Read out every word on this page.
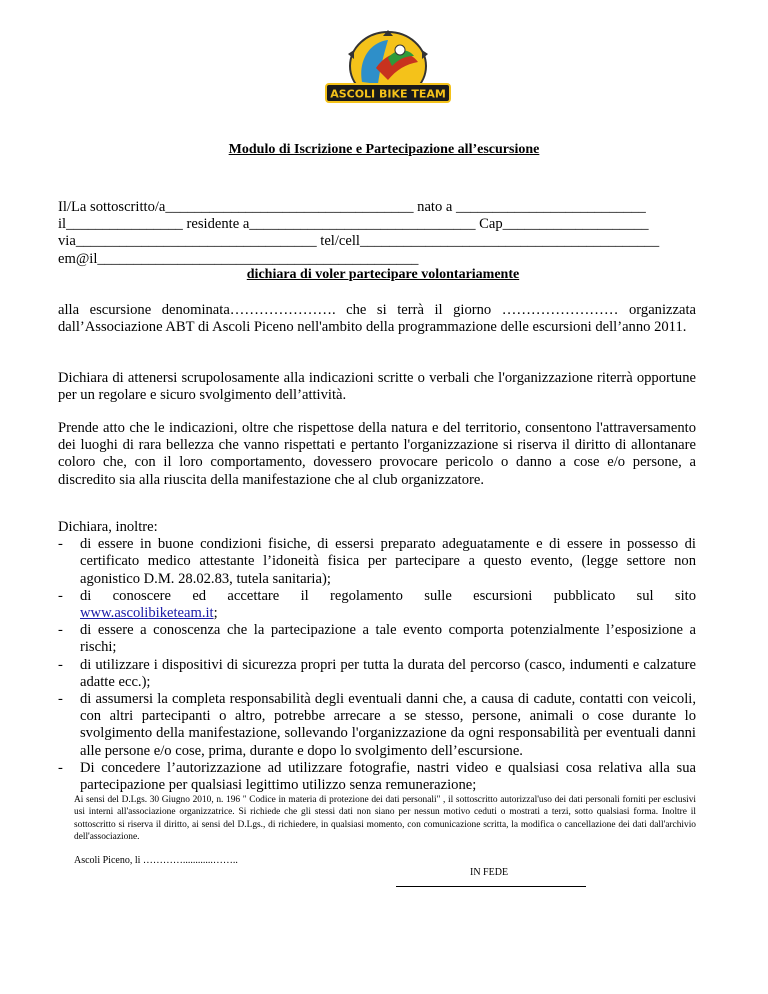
ASCOLI BIKE TEAM
Modulo di Iscrizione e Partecipazione all’escursione
Il/La sottoscritto/a__________________________________ nato a __________________________
il________________ residente a_______________________________ Cap____________________
via_________________________________ tel/cell_________________________________________
em@il____________________________________________
dichiara di voler partecipare volontariamente

alla escursione denominata…………………. che si terrà il giorno …………………… organizzata dall’Associazione ABT di Ascoli Piceno nell'ambito della programmazione delle escursioni dell’anno 2011.

Dichiara di attenersi scrupolosamente alla indicazioni scritte o verbali che l'organizzazione riterrà opportune per un regolare e sicuro svolgimento dell’attività.

Prende atto che le indicazioni, oltre che rispettose della natura e del territorio, consentono l'attraversamento dei luoghi di rara bellezza che vanno rispettati e pertanto l'organizzazione si riserva il diritto di allontanare coloro che, con il loro comportamento, dovessero provocare pericolo o danno a cose e/o persone, a discredito sia alla riuscita della manifestazione che al club organizzatore.

Dichiara, inoltre:
- di essere in buone condizioni fisiche, di essersi preparato adeguatamente e di essere in possesso di certificato medico attestante l’idoneità fisica per partecipare a questo evento, (legge settore non agonistico D.M. 28.02.83, tutela sanitaria);
- di conoscere ed accettare il regolamento sulle escursioni pubblicato sul sito
www.ascolibiketeam.it;
- di essere a conoscenza che la partecipazione a tale evento comporta potenzialmente l’esposizione a rischi;
- di utilizzare i dispositivi di sicurezza propri per tutta la durata del percorso (casco, indumenti e calzature adatte ecc.);
- di assumersi la completa responsabilità degli eventuali danni che, a causa di cadute, contatti con veicoli, con altri partecipanti o altro, potrebbe arrecare a se stesso, persone, animali o cose durante lo svolgimento della manifestazione, sollevando l'organizzazione da ogni responsabilità per eventuali danni alle persone e/o cose, prima, durante e dopo lo svolgimento dell’escursione.
- Di concedere l’autorizzazione ad utilizzare fotografie, nastri video e qualsiasi cosa relativa alla sua partecipazione per qualsiasi legittimo utilizzo senza remunerazione;
Ai sensi del D.Lgs. 30 Giugno 2010, n. 196 " Codice in materia di protezione dei dati personali" , il sottoscritto autorizzal'uso dei dati personali forniti per esclusivi usi interni all'associazione organizzatrice. Si richiede che gli stessi dati non siano per nessun motivo ceduti o mostrati a terzi, sotto qualsiasi forma. Inoltre il sottoscritto si riserva il diritto, ai sensi del D.Lgs., di richiedere, in qualsiasi momento, con comunicazione scritta, la modifica o cancellazione dei dati dall'archivio dell'associazione.
Ascoli Piceno, li …………............……..
IN FEDE
